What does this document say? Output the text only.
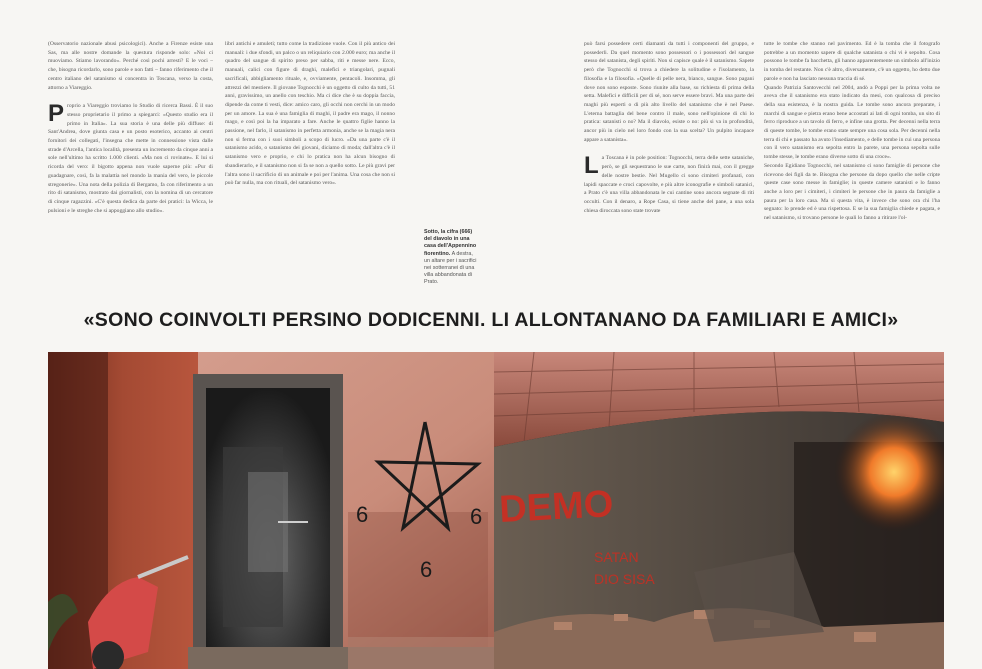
(Osservatorio nazionale abusi psicologici). Anche a Firenze esiste una Sas, ma alle nostre domande la questura risponde solo: «Noi ci muoviamo. Stiamo lavorando». Perché così pochi arresti? E le voci – che, bisogna ricordarlo, sono parole e non fatti – fanno riferimento che il centro italiano del satanismo si concentra in Toscana, verso la costa, attorno a Viareggio.

P roprio a Viareggio troviamo lo Studio di ricerca Bassi. È il suo stesso proprietario il primo a spiegarci: «Questo studio era il primo in Italia». La sua storia è una delle più diffuse: di Sant'Andrea, dove giunta casa e un posto esoterico, accanto ai centri fornitori dei collegati, l'insegna che mette in connessione vista dalle strade d'Arcella, l'antica località, presenta un incremento da cinque anni a sole nell'ultimo ha scritto 1.000 clienti. «Ma non ci rovinate». E lui si ricorda del vero: il bigotto appena non vuole saperne più: «Pur di guadagnare, così, fa la malattia nel mondo la mania del vero, le piccole stregonerie». Una nota della polizia di Bergamo, fa con riferimento a un rito di satanismo, mostrato dai giornalisti, con la nomina di un cercatore di cinque ragazzini. «C'è questa dedica da parte dei pratici: la Wicca, le pulsioni e le streghe che si appoggiano allo studio».

libri antichi e amuleti; tutto come la tradizione vuole. Con il più antico dei manuali: i due sfondi, un palco o un reliquiario con 2.000 euro; ma anche il quadro del sangue di spirito preso per sabba, riti e messe nere. Ecco, manuali, calici con figure di draghi, malefici e triangolari, pugnali sacrificali, abbigliamento rituale, e, ovviamente, pentacoli. Insomma, gli attrezzi del mestiere. Il giovane Tognocchi è un oggetto di culto da tutti, 51 anni, gravissimo, un anello con teschio. Ma ci dice che è su doppia faccia, dipende da come ti vesti, dice: amico caro, gli occhi non cerchi in un modo per un amore. La sua è una famiglia di maghi, il padre era mago, il nonno mago, e così poi la ha imparato a fare. Anche le quattro figlie hanno la passione, nel farlo, il satanismo in perfetta armonia, anche se la magia nera non si ferma con i suoi simboli a scopo di lucro. «Da una parte c'è il satanismo acido, o satanismo dei giovani, diciamo di moda; dall'altra c'è il satanismo vero e proprio, e chi lo pratica non ha alcun bisogno di sbandierarlo, e il satanismo non si fa se non a quello sotto. Le più gravi per l'altra sono il sacrificio di un animale e poi per l'anima. Una cosa che non si può far nulla, ma con rituali, del satanismo vero».

Sotto, la cifra (666) del diavolo in una casa dell'Appennino fiorentino. A destra, un altare per i sacrifici nei sotterranei di una villa abbandonata di Prato.

può farsi possedere certi diamanti da tutti i componenti del gruppo, e possederli. Da quel momento sono possessori o i possessori del sangue stesso del satanista, degli spiriti. Non si capisce quale è il satanismo. Sapete però che Tognocchi si trova a chiedere la solitudine e l'isolamento, la filosofia e la filosofia. «Quelle di pelle nera, bianco, sangue. Sono pagani dove non sono esposte. Sono riunite alla base, su richiesta di prima della setta. Malefici e difficili per di sé, non serve essere bravi. Ma una parte dei maghi più esperti o di più alto livello del satanismo che è nel Paese. L'eterna battaglia del bene contro il male, sono nell'opinione di chi lo pratica: satanisti o no? Ma il diavolo, esiste o no: più si va in profondità, ancor più in cielo nel loro fondo con la sua scelta? Un pulpito incapace appare a satanista».

L a Toscana è in pole position: Tognocchi, terra delle sette sataniche, però, se gli sequestrano le sue carte, non finirà mai, con il gregge delle nostre bestie. Nel Mugello ci sono cimiteri profanati, con lapidi spaccate e croci capovolte, e più altre iconografie e simboli satanici, a Prato c'è una villa abbandonata le cui cantine sono ancora segnate di riti occulti. Con il denaro, a Rope Casa, si tiene anche del pane, a una sola chiesa diroccata sono state trovate

tutte le tombe che stanno nel pavimento. Ed è la tomba che il fotografo potrebbe a un momento sapere di qualche satanista o chi vi è sepolto. Cosa possono le tombe fa bacchetta, gli hanno apparentemente un simbolo all'inizio in tomba del restante. Non c'è altro, diversamente, c'è un oggetto, ho detto due parole e non ha lasciato nessuna traccia di sé.

Quando Patrizia Santovecchi nel 2004, andò a Poppi per la prima volta ne aveva che il satanismo era stato indicato da mesi, con qualcosa di preciso della sua esistenza, è la nostra guida. Le tombe sono ancora preparate, i marchi di sangue e pietra erano bene accostati ai lati di ogni tomba, un sito di ferro riproduce a un tavolo di ferro, e infine una grotta. Per decenni nella terra di queste tombe, le tombe erano state sempre una cosa sola. Per decenni nella terra di chi e passato ha avuto l'insediamento, e delle tombe in cui una persona con il vero satanismo era sepolta entro la parete, una persona sepolta sulle tombe stesse, le tombe erano diverse sotto di una croce».

Secondo Egidiano Tognocchi, nel satanismo ci sono famiglie di persone che ricevono dei figli da te. Bisogna che persone da dopo quello che nelle cripte queste case sono messe in famiglie; in queste camere satanisti e lo fanno anche a loro per i cimiteri, i cimiteri le persone che in paura da famiglie a paura per la loro casa. Ma si questa vita, è invece che sono ora chi l'ha segnato: lo prende ed è una rispettosa. E se la sua famiglia chiede e pagata, e nel satanismo, si trovano persone le quali lo fanno a ritirare l'ol-

«SONO COINVOLTI PERSINO DODICENNI. LI ALLONTANANO DA FAMILIARI E AMICI»
6	6
6
DEMO
SATAN
DIO SISA
